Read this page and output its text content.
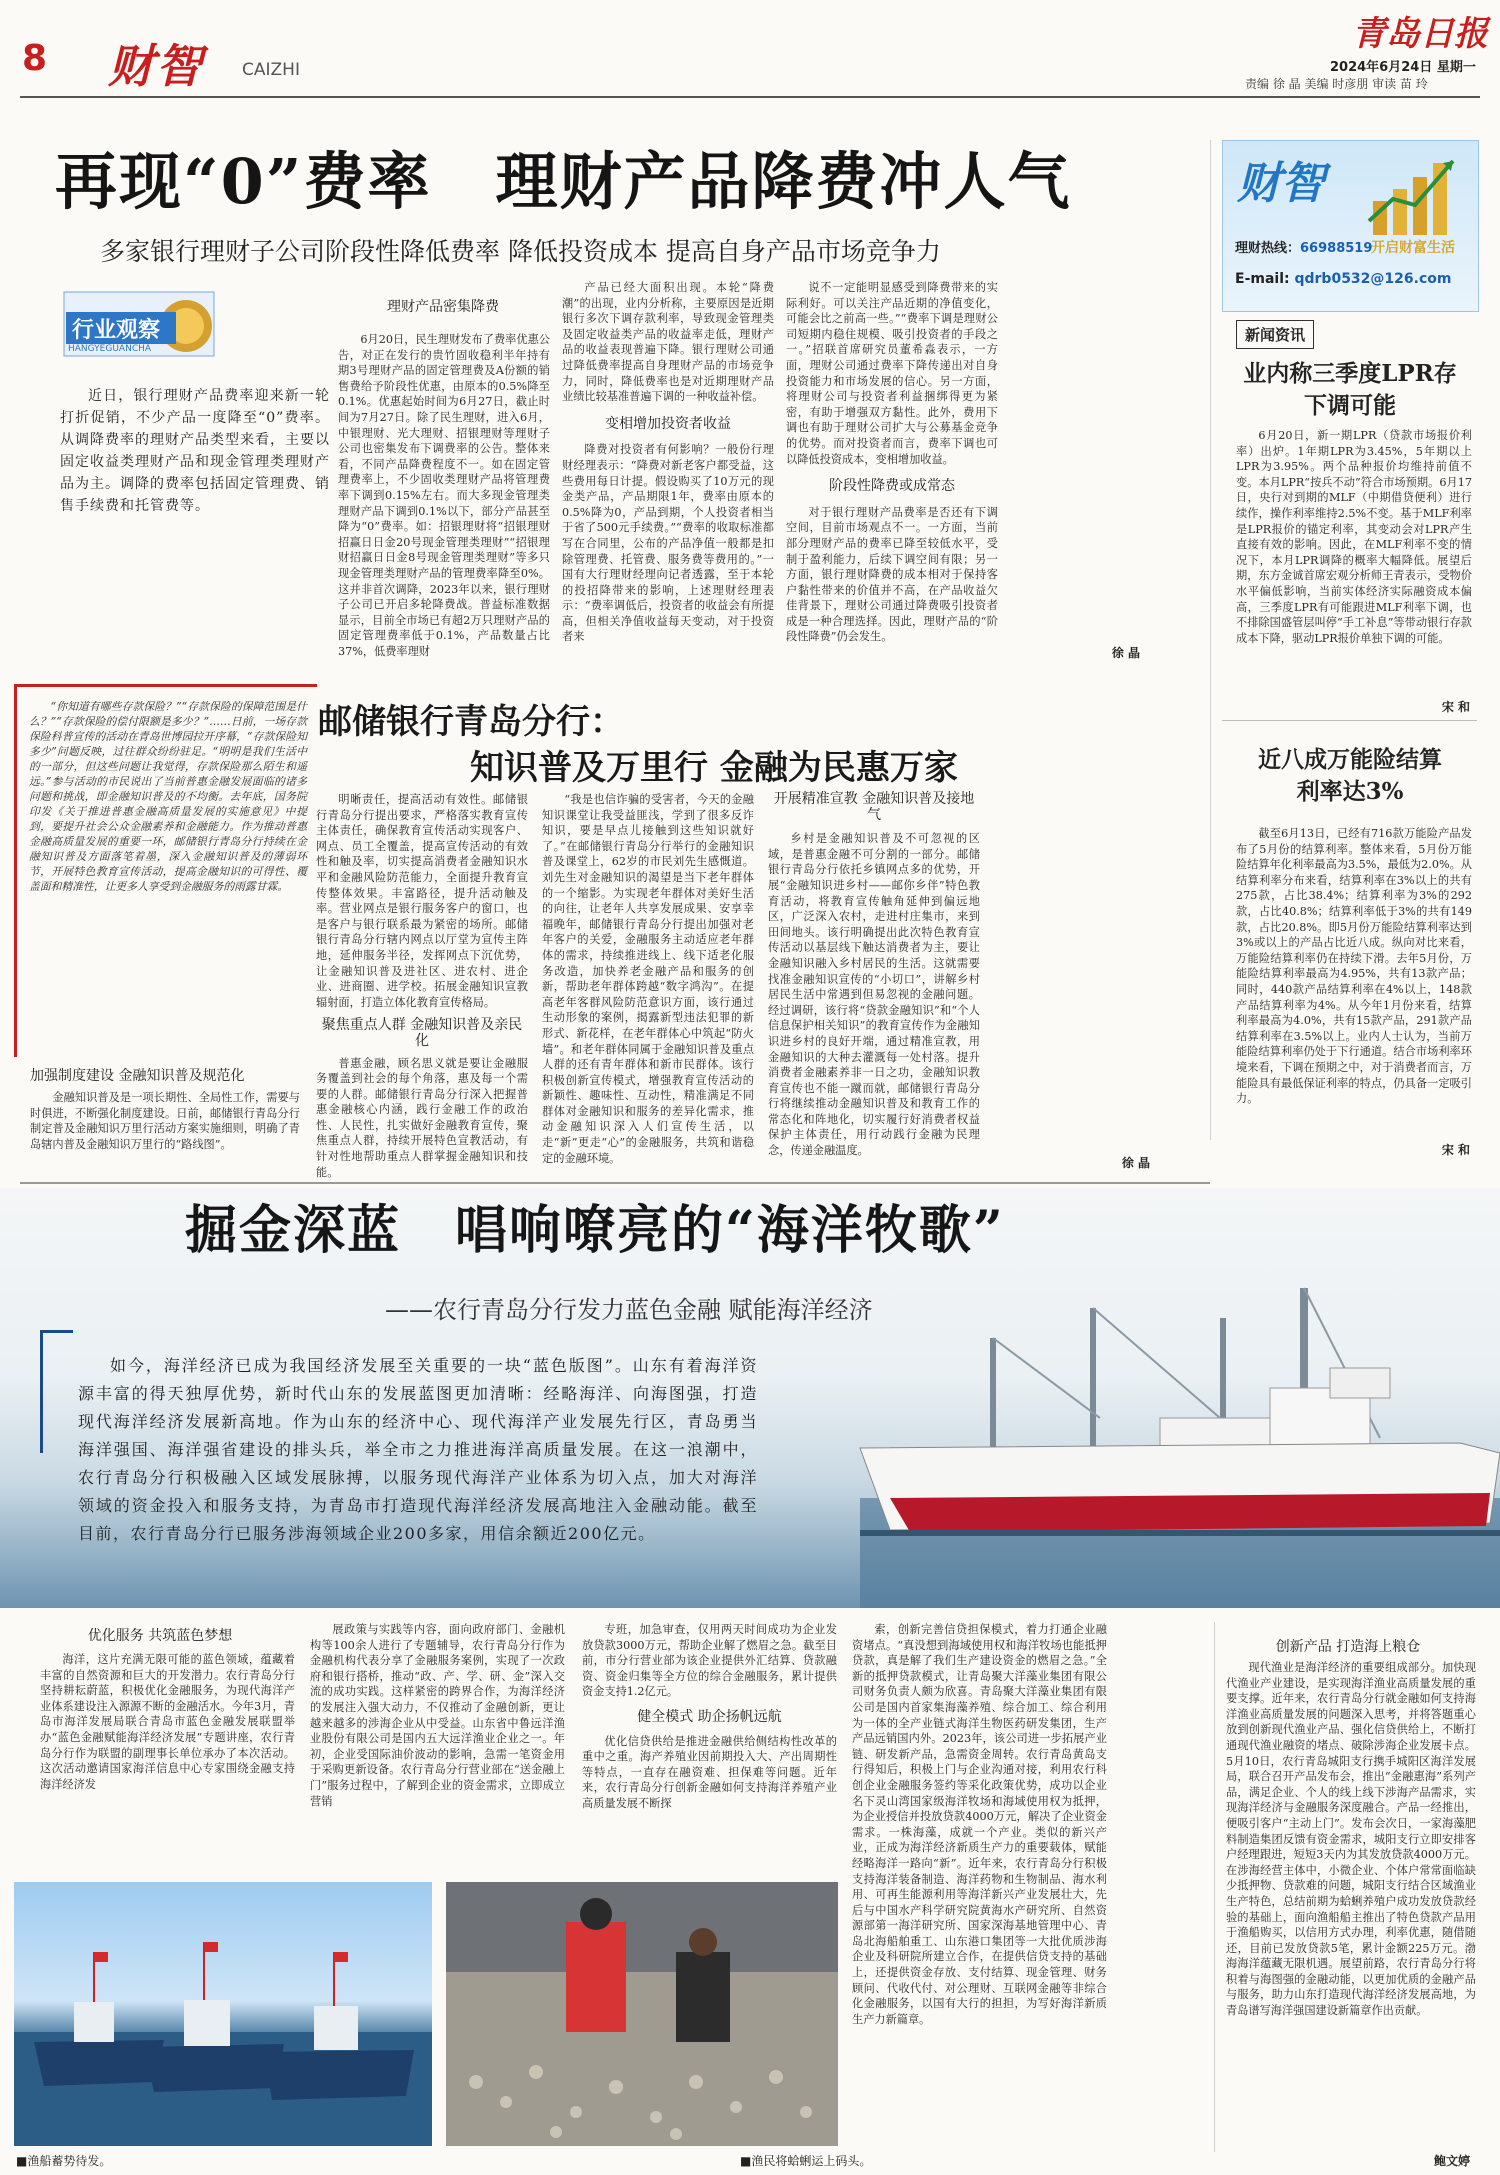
8 财智 CAIZHI
青岛日报
2024年6月24日 星期一
责编 徐 晶 美编 时彦朋 审读 苗 玲
再现“0”费率　理财产品降费冲人气
多家银行理财子公司阶段性降低费率 降低投资成本 提高自身产品市场竞争力
行业观察
HANGYEGUANCHA
近日，银行理财产品费率迎来新一轮打折促销，不少产品一度降至“0”费率。从调降费率的理财产品类型来看，主要以固定收益类理财产品和现金管理类理财产品为主。调降的费率包括固定管理费、销售手续费和托管费等。
理财产品密集降费

6月20日，民生理财发布了费率优惠公告，对正在发行的贵竹固收稳利半年持有期3号理财产品的固定管理费及A份额的销售费给予阶段性优惠，由原本的0.5%降至0.1%。优惠起始时间为6月27日，截止时间为7月27日。除了民生理财，进入6月，中银理财、光大理财、招银理财等理财子公司也密集发布下调费率的公告。整体来看，不同产品降费程度不一。如在固定管理费率上，不少固收类理财产品将管理费率下调到0.15%左右。而大多现金管理类理财产品下调到0.1%以下，部分产品甚至降为“0”费率。如：招银理财将“招银理财招赢日日金20号现金管理类理财”“招银理财招赢日日金8号现金管理类理财”等多只现金管理类理财产品的管理费率降至0%。这并非首次调降，2023年以来，银行理财子公司已开启多轮降费战。普益标准数据显示，目前全市场已有超2万只理财产品的固定管理费率低于0.1%，产品数量占比37%，低费率理财

产品已经大面积出现。本轮“降费潮”的出现，业内分析称，主要原因是近期银行多次下调存款利率，导致现金管理类及固定收益类产品的收益率走低，理财产品的收益表现普遍下降。银行理财公司通过降低费率提高自身理财产品的市场竞争力，同时，降低费率也是对近期理财产品业绩比较基准普遍下调的一种收益补偿。

变相增加投资者收益

降费对投资者有何影响？一般份行理财经理表示：“降费对新老客户都受益，这些费用每日计提。假设购买了10万元的现金类产品，产品期限1年，费率由原本的0.5%降为0，产品到期，个人投资者相当于省了500元手续费。”“费率的收取标准都写在合同里，公布的产品净值一般都是扣除管理费、托管费、服务费等费用的。”一国有大行理财经理向记者透露，至于本轮的投招降带来的影响，上述理财经理表示：“费率调低后，投资者的收益会有所提高，但相关净值收益每天变动，对于投资者来

说不一定能明显感受到降费带来的实际利好。可以关注产品近期的净值变化，可能会比之前高一些。”“费率下调是理财公司短期内稳住规模、吸引投资者的手段之一。”招联首席研究员董希淼表示，一方面，理财公司通过费率下降传递出对自身投资能力和市场发展的信心。另一方面，将理财公司与投资者利益捆绑得更为紧密，有助于增强双方黏性。此外，费用下调也有助于理财公司扩大与公募基金竞争的优势。而对投资者而言，费率下调也可以降低投资成本，变相增加收益。

阶段性降费或成常态

对于银行理财产品费率是否还有下调空间，目前市场观点不一。一方面，当前部分理财产品的费率已降至较低水平，受制于盈利能力，后续下调空间有限；另一方面，银行理财降费的成本相对于保持客户黏性带来的价值并不高，在产品收益欠佳背景下，理财公司通过降费吸引投资者成是一种合理选择。因此，理财产品的“阶段性降费”仍会发生。

徐 晶
财智
开启财富生活
理财热线：66988519
E-mail: qdrb0532@126.com
新闻资讯
业内称三季度LPR存下调可能

6月20日，新一期LPR（贷款市场报价利率）出炉。1年期LPR为3.45%，5年期以上LPR为3.95%。两个品种报价均维持前值不变。本月LPR“按兵不动”符合市场预期。6月17日，央行对到期的MLF（中期借贷便利）进行续作，操作利率维持2.5%不变。基于MLF利率是LPR报价的锚定利率，其变动会对LPR产生直接有效的影响。因此，在MLF利率不变的情况下，本月LPR调降的概率大幅降低。展望后期，东方金诚首席宏观分析师王青表示，受物价水平偏低影响，当前实体经济实际融资成本偏高，三季度LPR有可能跟进MLF利率下调，也不排除国盛管层叫停“手工补息”等带动银行存款成本下降，驱动LPR报价单独下调的可能。

宋 和
近八成万能险结算利率达3%

截至6月13日，已经有716款万能险产品发布了5月份的结算利率。整体来看，5月份万能险结算年化利率最高为3.5%，最低为2.0%。从结算利率分布来看，结算利率在3%以上的共有275款，占比38.4%；结算利率为3%的292款，占比40.8%；结算利率低于3%的共有149款，占比20.8%。即5月份万能险结算利率达到3%或以上的产品占比近八成。纵向对比来看，万能险结算利率仍在持续下滑。去年5月份，万能险结算利率最高为4.95%，共有13款产品；同时，440款产品结算利率在4%以上，148款产品结算利率为4%。从今年1月份来看，结算利率最高为4.0%，共有15款产品，291款产品结算利率在3.5%以上。业内人士认为，当前万能险结算利率仍处于下行通道。结合市场利率环境来看，下调在预期之中，对于消费者而言，万能险具有最低保证利率的特点，仍具备一定吸引力。

宋 和

“你知道有哪些存款保险？”“存款保险的保障范围是什么？”“存款保险的偿付限额是多少？”……日前，一场存款保险科普宣传的活动在青岛世博园拉开序幕，“存款保险知多少”问题反映，过往群众纷纷驻足。“明明是我们生活中的一部分，但这些问题让我觉得，存款保险那么陌生和遥远。”参与活动的市民说出了当前普惠金融发展面临的诸多问题和挑战，即金融知识普及的不均衡。去年底，国务院印发《关于推进普惠金融高质量发展的实施意见》中提到，要提升社会公众金融素养和金融能力。作为推动普惠金融高质量发展的重要一环，邮储银行青岛分行持续在金融知识普及方面落笔着墨，深入金融知识普及的薄弱环节，开展特色教育宣传活动，提高金融知识的可得性、覆盖面和精准性，让更多人享受到金融服务的雨露甘霖。

邮储银行青岛分行：
知识普及万里行 金融为民惠万家
加强制度建设 金融知识普及规范化

金融知识普及是一项长期性、全局性工作，需要与时俱进，不断强化制度建设。日前，邮储银行青岛分行制定普及金融知识万里行活动方案实施细则，明确了青岛辖内普及金融知识万里行的“路线图”。

明晰责任，提高活动有效性。邮储银行青岛分行提出要求，严格落实教育宣传主体责任，确保教育宣传活动实现客户、网点、员工全覆盖，提高宣传活动的有效性和触及率，切实提高消费者金融知识水平和金融风险防范能力，全面提升教育宣传整体效果。丰富路径，提升活动触及率。营业网点是银行服务客户的窗口，也是客户与银行联系最为紧密的场所。邮储银行青岛分行辖内网点以厅堂为宣传主阵地，延伸服务半径，发挥网点下沉优势，让金融知识普及进社区、进农村、进企业、进商圈、进学校。拓展金融知识宣教辐射面，打造立体化教育宣传格局。

聚焦重点人群 金融知识普及亲民化

普惠金融，顾名思义就是要让金融服务覆盖到社会的每个角落，惠及每一个需要的人群。邮储银行青岛分行深入把握普惠金融核心内涵，践行金融工作的政治性、人民性，扎实做好金融教育宣传，聚焦重点人群，持续开展特色宣教活动，有针对性地帮助重点人群掌握金融知识和技能。

“我是也信诈骗的受害者，今天的金融知识课堂让我受益匪浅，学到了很多反诈知识，要是早点儿接触到这些知识就好了。”在邮储银行青岛分行举行的金融知识普及课堂上，62岁的市民刘先生感慨道。刘先生对金融知识的渴望是当下老年群体的一个缩影。为实现老年群体对美好生活的向往，让老年人共享发展成果、安享幸福晚年，邮储银行青岛分行提出加强对老年客户的关爱，金融服务主动适应老年群体的需求，持续推进线上、线下适老化服务改造，加快养老金融产品和服务的创新，帮助老年群体跨越“数字鸿沟”。在提高老年客群风险防范意识方面，该行通过生动形象的案例，揭露新型违法犯罪的新形式、新花样，在老年群体心中筑起“防火墙”。和老年群体同属于金融知识普及重点人群的还有青年群体和新市民群体。该行积极创新宣传模式，增强教育宣传活动的新颖性、趣味性、互动性，精准满足不同群体对金融知识和服务的差异化需求，推动金融知识深入人们宣传生活，以走“新”更走“心”的金融服务，共筑和谐稳定的金融环境。

开展精准宣教 金融知识普及接地气

乡村是金融知识普及不可忽视的区域，是普惠金融不可分割的一部分。邮储银行青岛分行依托乡镇网点多的优势，开展“金融知识进乡村——邮你乡伴”特色教育活动，将教育宣传触角延伸到偏远地区，广泛深入农村，走进村庄集市，来到田间地头。该行明确提出此次特色教育宣传活动以基层线下触达消费者为主，要让金融知识融入乡村居民的生活。这就需要找准金融知识宣传的“小切口”，讲解乡村居民生活中常遇到但易忽视的金融问题。经过调研，该行将“贷款金融知识”和“个人信息保护相关知识”的教育宣传作为金融知识进乡村的良好开端，通过精准宣教，用金融知识的大种去灌溉每一处村落。提升消费者金融素养非一日之功，金融知识教育宣传也不能一蹴而就，邮储银行青岛分行将继续推动金融知识普及和教育工作的常态化和阵地化，切实履行好消费者权益保护主体责任，用行动践行金融为民理念，传递金融温度。

徐 晶
掘金深蓝　唱响嘹亮的“海洋牧歌”
——农行青岛分行发力蓝色金融 赋能海洋经济
如今，海洋经济已成为我国经济发展至关重要的一块“蓝色版图”。山东有着海洋资源丰富的得天独厚优势，新时代山东的发展蓝图更加清晰：经略海洋、向海图强，打造现代海洋经济发展新高地。作为山东的经济中心、现代海洋产业发展先行区，青岛勇当海洋强国、海洋强省建设的排头兵，举全市之力推进海洋高质量发展。在这一浪潮中，农行青岛分行积极融入区域发展脉搏，以服务现代海洋产业体系为切入点，加大对海洋领域的资金投入和服务支持，为青岛市打造现代海洋经济发展高地注入金融动能。截至目前，农行青岛分行已服务涉海领域企业200多家，用信余额近200亿元。
优化服务 共筑蓝色梦想

海洋，这片充满无限可能的蓝色领域，蕴藏着丰富的自然资源和巨大的开发潜力。农行青岛分行坚持耕耘蔚蓝，积极优化金融服务，为现代海洋产业体系建设注入源源不断的金融活水。今年3月，青岛市海洋发展局联合青岛市蓝色金融发展联盟举办“蓝色金融赋能海洋经济发展”专题讲座，农行青岛分行作为联盟的副理事长单位承办了本次活动。这次活动邀请国家海洋信息中心专家围绕金融支持海洋经济发

展政策与实践等内容，面向政府部门、金融机构等100余人进行了专题辅导，农行青岛分行作为金融机构代表分享了金融服务案例，实现了一次政府和银行搭桥，推动“政、产、学、研、金”深入交流的成功实践。这样紧密的跨界合作，为海洋经济的发展注入强大动力，不仅推动了金融创新，更让越来越多的涉海企业从中受益。山东省中鲁远洋渔业股份有限公司是国内五大远洋渔业企业之一。年初，企业受国际油价波动的影响，急需一笔资金用于采购更新设备。农行青岛分行营业部在“送金融上门”服务过程中，了解到企业的资金需求，立即成立营销

专班，加急审查，仅用两天时间成功为企业发放贷款3000万元，帮助企业解了燃眉之急。截至目前，市分行营业部为该企业提供外汇结算、贷款融资、资金归集等全方位的综合金融服务，累计提供资金支持1.2亿元。

健全模式 助企扬帆远航

优化信贷供给是推进金融供给侧结构性改革的重中之重。海产养殖业因前期投入大、产出周期性等特点，一直存在融资难、担保难等问题。近年来，农行青岛分行创新金融如何支持海洋养殖产业高质量发展不断探

索，创新完善信贷担保模式，着力打通企业融资堵点。“真没想到海域使用权和海洋牧场也能抵押贷款，真是解了我们生产建设资金的燃眉之急。”全新的抵押贷款模式，让青岛聚大洋藻业集团有限公司财务负责人颇为欣喜。青岛聚大洋藻业集团有限公司是国内首家集海藻养殖、综合加工、综合利用为一体的全产业链式海洋生物医药研发集团，生产产品远销国内外。2023年，该公司进一步拓展产业链、研发新产品，急需资金周转。农行青岛黄岛支行得知后，积极上门与企业沟通对接，利用农行科创企业金融服务签约等采化政策优势，成功以企业名下灵山湾国家级海洋牧场和海域使用权为抵押，为企业授信并投放贷款4000万元，解决了企业资金需求。一株海藻，成就一个产业。类似的新兴产业，正成为海洋经济新质生产力的重要载体，赋能经略海洋一路向“新”。近年来，农行青岛分行积极支持海洋装备制造、海洋药物和生物制品、海水利用、可再生能源利用等海洋新兴产业发展壮大，先后与中国水产科学研究院黄海水产研究所、自然资源部第一海洋研究所、国家深海基地管理中心、青岛北海船舶重工、山东港口集团等一大批优质涉海企业及科研院所建立合作，在提供信贷支持的基础上，还提供资金存放、支付结算、现金管理、财务顾问、代收代付、对公理财、互联网金融等非综合化金融服务，以国有大行的担担，为写好海洋新质生产力新篇章。

创新产品 打造海上粮仓

现代渔业是海洋经济的重要组成部分。加快现代渔业产业建设，是实现海洋渔业高质量发展的重要支撑。近年来，农行青岛分行就金融如何支持海洋渔业高质量发展的问题深入思考，并将答题重心放到创新现代渔业产品、强化信贷供给上，不断打通现代渔业融资的堵点、破除涉海企业发展卡点。5月10日，农行青岛城阳支行携手城阳区海洋发展局，联合召开产品发布会，推出“金融惠海”系列产品，满足企业、个人的线上线下涉海产品需求，实现海洋经济与金融服务深度融合。产品一经推出，便吸引客户“主动上门”。发布会次日，一家海藻肥料制造集团反馈有资金需求，城阳支行立即安排客户经理跟进，短短3天内为其发放贷款4000万元。在涉海经营主体中，小微企业、个体户常常面临缺少抵押物、贷款难的问题，城阳支行结合区域渔业生产特色，总结前期为蛤蜊养殖户成功发放贷款经验的基础上，面向渔船船主推出了特色贷款产品用于渔船购买，以信用方式办理，利率优惠，随借随还，目前已发放贷款5笔，累计金额225万元。渤海海洋蕴藏无限机遇。展望前路，农行青岛分行将积着与海图强的金融动能，以更加优质的金融产品与服务，助力山东打造现代海洋经济发展高地，为青岛谱写海洋强国建设新篇章作出贡献。

鲍文婷
■渔船蓄势待发。	■渔民将蛤蜊运上码头。
